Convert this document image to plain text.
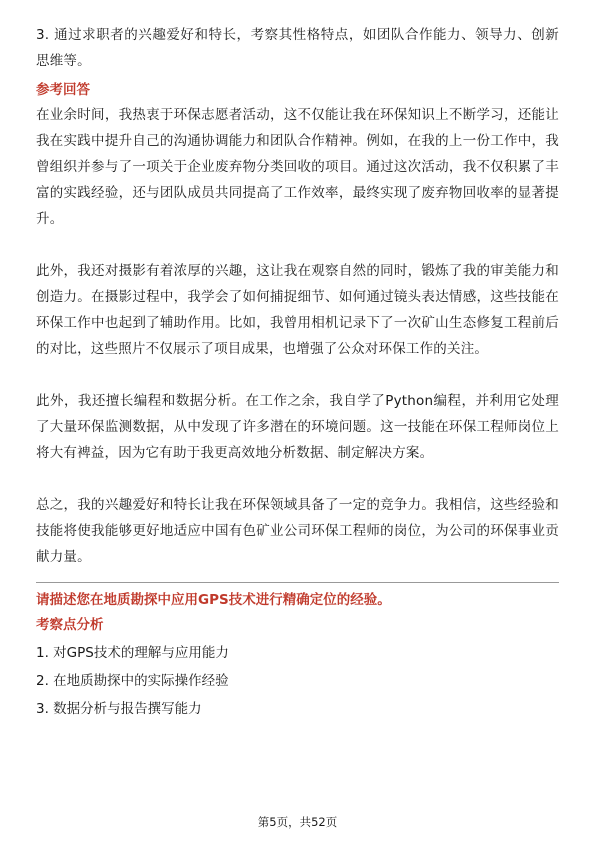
3. 通过求职者的兴趣爱好和特长，考察其性格特点，如团队合作能力、领导力、创新思维等。

参考回答

在业余时间，我热衷于环保志愿者活动，这不仅能让我在环保知识上不断学习，还能让我在实践中提升自己的沟通协调能力和团队合作精神。例如，在我的上一份工作中，我曾组织并参与了一项关于企业废弃物分类回收的项目。通过这次活动，我不仅积累了丰富的实践经验，还与团队成员共同提高了工作效率，最终实现了废弃物回收率的显著提升。

此外，我还对摄影有着浓厚的兴趣，这让我在观察自然的同时，锻炼了我的审美能力和创造力。在摄影过程中，我学会了如何捕捉细节、如何通过镜头表达情感，这些技能在环保工作中也起到了辅助作用。比如，我曾用相机记录下了一次矿山生态修复工程前后的对比，这些照片不仅展示了项目成果，也增强了公众对环保工作的关注。

此外，我还擅长编程和数据分析。在工作之余，我自学了Python编程，并利用它处理了大量环保监测数据，从中发现了许多潜在的环境问题。这一技能在环保工程师岗位上将大有裨益，因为它有助于我更高效地分析数据、制定解决方案。

总之，我的兴趣爱好和特长让我在环保领域具备了一定的竞争力。我相信，这些经验和技能将使我能够更好地适应中国有色矿业公司环保工程师的岗位，为公司的环保事业贡献力量。

请描述您在地质勘探中应用GPS技术进行精确定位的经验。
考察点分析

1. 对GPS技术的理解与应用能力

2. 在地质勘探中的实际操作经验

3. 数据分析与报告撰写能力

第5页，共52页
